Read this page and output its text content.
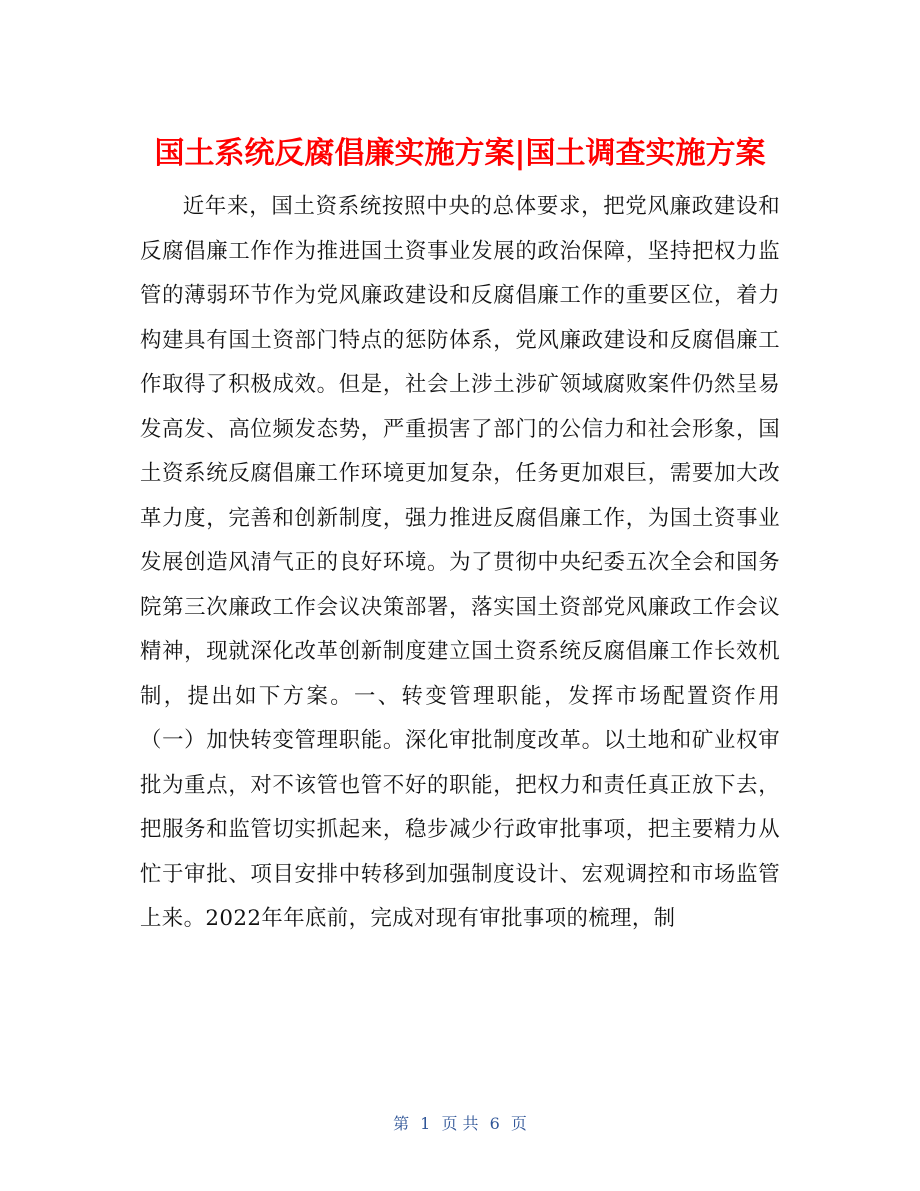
国土系统反腐倡廉实施方案|国土调查实施方案

近年来，国土资系统按照中央的总体要求，把党风廉政建设和反腐倡廉工作作为推进国土资事业发展的政治保障，坚持把权力监管的薄弱环节作为党风廉政建设和反腐倡廉工作的重要区位，着力构建具有国土资部门特点的惩防体系，党风廉政建设和反腐倡廉工作取得了积极成效。但是，社会上涉土涉矿领域腐败案件仍然呈易发高发、高位频发态势，严重损害了部门的公信力和社会形象，国土资系统反腐倡廉工作环境更加复杂，任务更加艰巨，需要加大改革力度，完善和创新制度，强力推进反腐倡廉工作，为国土资事业发展创造风清气正的良好环境。为了贯彻中央纪委五次全会和国务院第三次廉政工作会议决策部署，落实国土资部党风廉政工作会议精神，现就深化改革创新制度建立国土资系统反腐倡廉工作长效机制，提出如下方案。一、转变管理职能，发挥市场配置资作用（一）加快转变管理职能。深化审批制度改革。以土地和矿业权审批为重点，对不该管也管不好的职能，把权力和责任真正放下去，把服务和监管切实抓起来，稳步减少行政审批事项，把主要精力从忙于审批、项目安排中转移到加强制度设计、宏观调控和市场监管上来。2022年年底前，完成对现有审批事项的梳理，制

第 1 页 共 6 页
